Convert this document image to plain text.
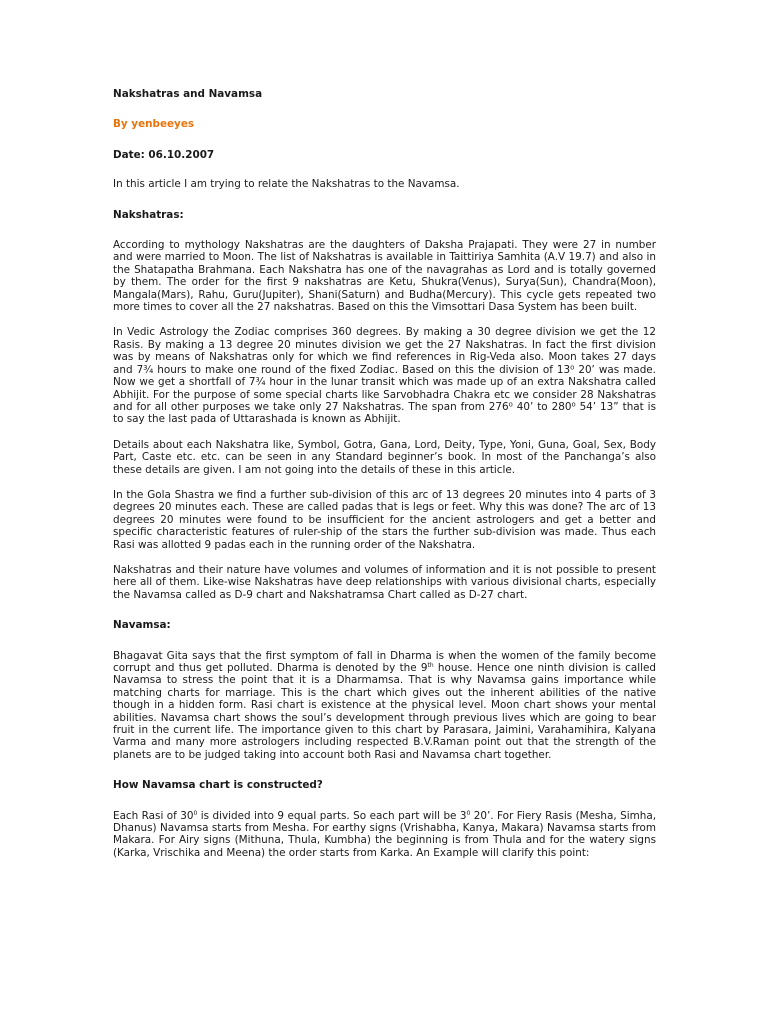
Nakshatras and Navamsa
By yenbeeyes
Date: 06.10.2007
In this article I am trying to relate the Nakshatras to the Navamsa.
Nakshatras:
According to mythology Nakshatras are the daughters of Daksha Prajapati. They were 27 in number and were married to Moon. The list of Nakshatras is available in Taittiriya Samhita (A.V 19.7) and also in the Shatapatha Brahmana. Each Nakshatra has one of the navagrahas as Lord and is totally governed by them. The order for the first 9 nakshatras are Ketu, Shukra(Venus), Surya(Sun), Chandra(Moon), Mangala(Mars), Rahu, Guru(Jupiter), Shani(Saturn) and Budha(Mercury). This cycle gets repeated two more times to cover all the 27 nakshatras. Based on this the Vimsottari Dasa System has been built.
In Vedic Astrology the Zodiac comprises 360 degrees. By making a 30 degree division we get the 12 Rasis. By making a 13 degree 20 minutes division we get the 27 Nakshatras. In fact the first division was by means of Nakshatras only for which we find references in Rig-Veda also. Moon takes 27 days and 7¾ hours to make one round of the fixed Zodiac. Based on this the division of 13⁰ 20’ was made. Now we get a shortfall of 7¾ hour in the lunar transit which was made up of an extra Nakshatra called Abhijit. For the purpose of some special charts like Sarvobhadra Chakra etc we consider 28 Nakshatras and for all other purposes we take only 27 Nakshatras. The span from 276⁰ 40’ to 280⁰ 54’ 13” that is to say the last pada of Uttarashada is known as Abhijit.
Details about each Nakshatra like, Symbol, Gotra, Gana, Lord, Deity, Type, Yoni, Guna, Goal, Sex, Body Part, Caste etc. etc. can be seen in any Standard beginner’s book. In most of the Panchanga’s also these details are given. I am not going into the details of these in this article.
In the Gola Shastra we find a further sub-division of this arc of 13 degrees 20 minutes into 4 parts of 3 degrees 20 minutes each. These are called padas that is legs or feet. Why this was done? The arc of 13 degrees 20 minutes were found to be insufficient for the ancient astrologers and get a better and specific characteristic features of ruler-ship of the stars the further sub-division was made. Thus each Rasi was allotted 9 padas each in the running order of the Nakshatra.
Nakshatras and their nature have volumes and volumes of information and it is not possible to present here all of them. Like-wise Nakshatras have deep relationships with various divisional charts, especially the Navamsa called as D-9 chart and Nakshatramsa Chart called as D-27 chart.
Navamsa:
Bhagavat Gita says that the first symptom of fall in Dharma is when the women of the family become corrupt and thus get polluted. Dharma is denoted by the 9th house. Hence one ninth division is called Navamsa to stress the point that it is a Dharmamsa. That is why Navamsa gains importance while matching charts for marriage. This is the chart which gives out the inherent abilities of the native though in a hidden form. Rasi chart is existence at the physical level. Moon chart shows your mental abilities. Navamsa chart shows the soul’s development through previous lives which are going to bear fruit in the current life. The importance given to this chart by Parasara, Jaimini, Varahamihira, Kalyana Varma and many more astrologers including respected B.V.Raman point out that the strength of the planets are to be judged taking into account both Rasi and Navamsa chart together.
How Navamsa chart is constructed?
Each Rasi of $30^0$ is divided into 9 equal parts. So each part will be $3^0$ 20’. For Fiery Rasis (Mesha, Simha, Dhanus) Navamsa starts from Mesha. For earthy signs (Vrishabha, Kanya, Makara) Navamsa starts from Makara. For Airy signs (Mithuna, Thula, Kumbha) the beginning is from Thula and for the watery signs (Karka, Vrischika and Meena) the order starts from Karka. An Example will clarify this point:
